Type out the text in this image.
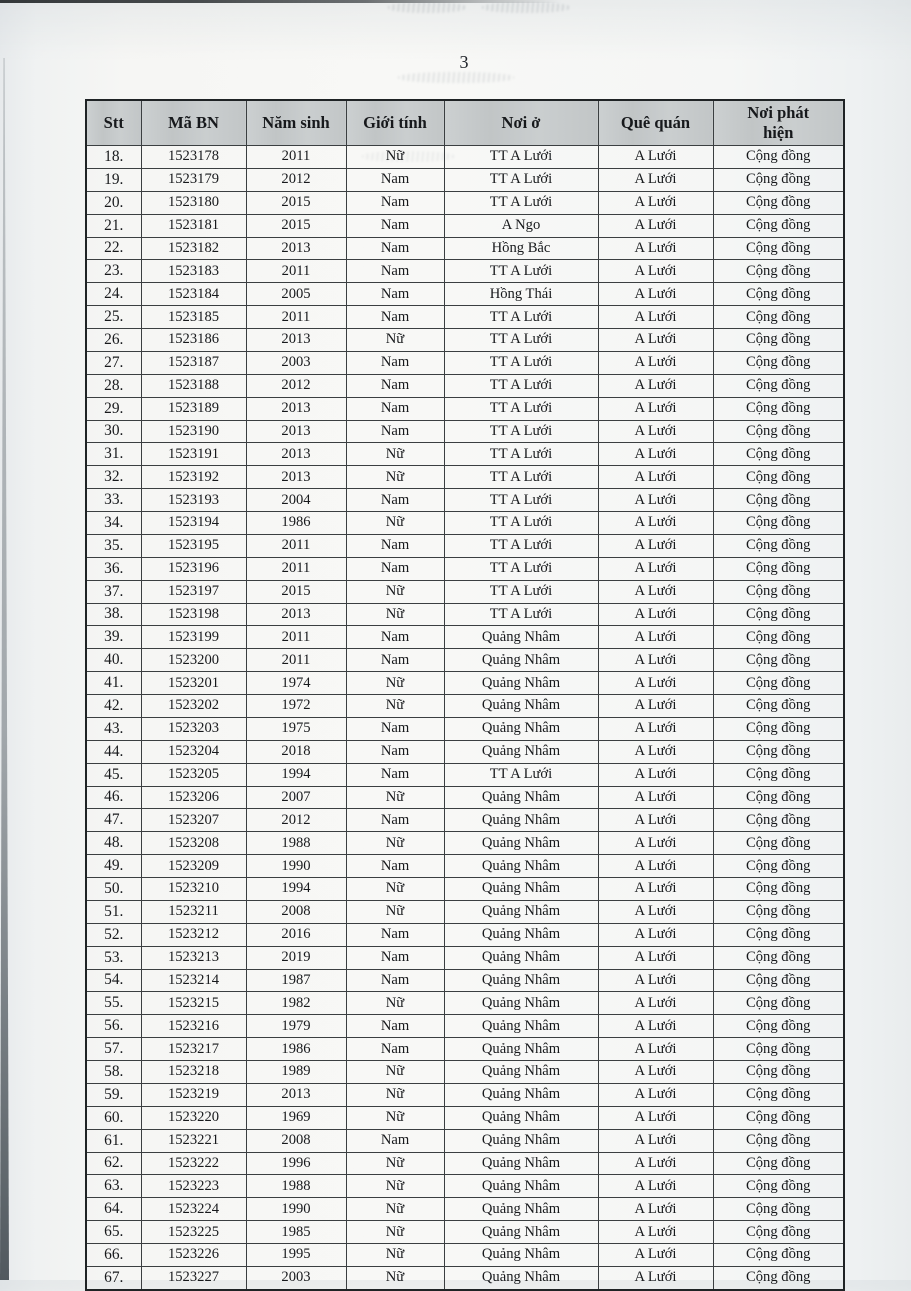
3
Stt	Mã BN	Năm sinh	Giới tính	Nơi ở	Quê quán	Nơi phát hiện
18.	1523178	2011	Nữ	TT A Lưới	A Lưới	Cộng đồng
19.	1523179	2012	Nam	TT A Lưới	A Lưới	Cộng đồng
20.	1523180	2015	Nam	TT A Lưới	A Lưới	Cộng đồng
21.	1523181	2015	Nam	A Ngo	A Lưới	Cộng đồng
22.	1523182	2013	Nam	Hồng Bắc	A Lưới	Cộng đồng
23.	1523183	2011	Nam	TT A Lưới	A Lưới	Cộng đồng
24.	1523184	2005	Nam	Hồng Thái	A Lưới	Cộng đồng
25.	1523185	2011	Nam	TT A Lưới	A Lưới	Cộng đồng
26.	1523186	2013	Nữ	TT A Lưới	A Lưới	Cộng đồng
27.	1523187	2003	Nam	TT A Lưới	A Lưới	Cộng đồng
28.	1523188	2012	Nam	TT A Lưới	A Lưới	Cộng đồng
29.	1523189	2013	Nam	TT A Lưới	A Lưới	Cộng đồng
30.	1523190	2013	Nam	TT A Lưới	A Lưới	Cộng đồng
31.	1523191	2013	Nữ	TT A Lưới	A Lưới	Cộng đồng
32.	1523192	2013	Nữ	TT A Lưới	A Lưới	Cộng đồng
33.	1523193	2004	Nam	TT A Lưới	A Lưới	Cộng đồng
34.	1523194	1986	Nữ	TT A Lưới	A Lưới	Cộng đồng
35.	1523195	2011	Nam	TT A Lưới	A Lưới	Cộng đồng
36.	1523196	2011	Nam	TT A Lưới	A Lưới	Cộng đồng
37.	1523197	2015	Nữ	TT A Lưới	A Lưới	Cộng đồng
38.	1523198	2013	Nữ	TT A Lưới	A Lưới	Cộng đồng
39.	1523199	2011	Nam	Quảng Nhâm	A Lưới	Cộng đồng
40.	1523200	2011	Nam	Quảng Nhâm	A Lưới	Cộng đồng
41.	1523201	1974	Nữ	Quảng Nhâm	A Lưới	Cộng đồng
42.	1523202	1972	Nữ	Quảng Nhâm	A Lưới	Cộng đồng
43.	1523203	1975	Nam	Quảng Nhâm	A Lưới	Cộng đồng
44.	1523204	2018	Nam	Quảng Nhâm	A Lưới	Cộng đồng
45.	1523205	1994	Nam	TT A Lưới	A Lưới	Cộng đồng
46.	1523206	2007	Nữ	Quảng Nhâm	A Lưới	Cộng đồng
47.	1523207	2012	Nam	Quảng Nhâm	A Lưới	Cộng đồng
48.	1523208	1988	Nữ	Quảng Nhâm	A Lưới	Cộng đồng
49.	1523209	1990	Nam	Quảng Nhâm	A Lưới	Cộng đồng
50.	1523210	1994	Nữ	Quảng Nhâm	A Lưới	Cộng đồng
51.	1523211	2008	Nữ	Quảng Nhâm	A Lưới	Cộng đồng
52.	1523212	2016	Nam	Quảng Nhâm	A Lưới	Cộng đồng
53.	1523213	2019	Nam	Quảng Nhâm	A Lưới	Cộng đồng
54.	1523214	1987	Nam	Quảng Nhâm	A Lưới	Cộng đồng
55.	1523215	1982	Nữ	Quảng Nhâm	A Lưới	Cộng đồng
56.	1523216	1979	Nam	Quảng Nhâm	A Lưới	Cộng đồng
57.	1523217	1986	Nam	Quảng Nhâm	A Lưới	Cộng đồng
58.	1523218	1989	Nữ	Quảng Nhâm	A Lưới	Cộng đồng
59.	1523219	2013	Nữ	Quảng Nhâm	A Lưới	Cộng đồng
60.	1523220	1969	Nữ	Quảng Nhâm	A Lưới	Cộng đồng
61.	1523221	2008	Nam	Quảng Nhâm	A Lưới	Cộng đồng
62.	1523222	1996	Nữ	Quảng Nhâm	A Lưới	Cộng đồng
63.	1523223	1988	Nữ	Quảng Nhâm	A Lưới	Cộng đồng
64.	1523224	1990	Nữ	Quảng Nhâm	A Lưới	Cộng đồng
65.	1523225	1985	Nữ	Quảng Nhâm	A Lưới	Cộng đồng
66.	1523226	1995	Nữ	Quảng Nhâm	A Lưới	Cộng đồng
67.	1523227	2003	Nữ	Quảng Nhâm	A Lưới	Cộng đồng
